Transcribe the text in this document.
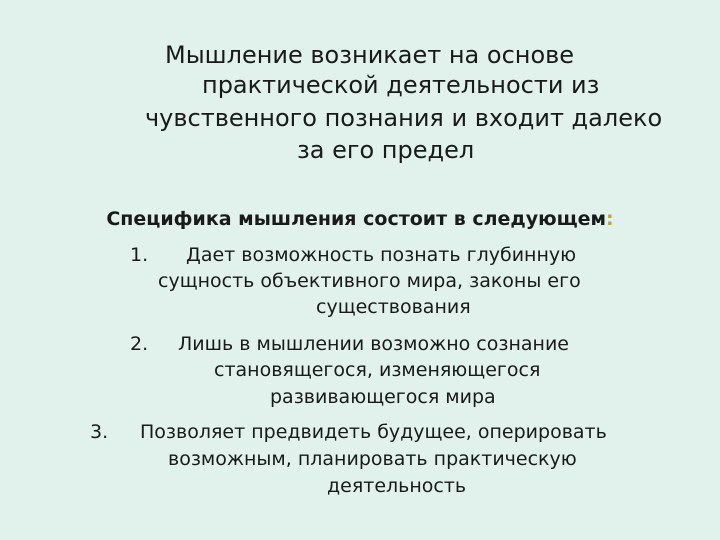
Мышление возникает на основе
практической деятельности из
чувственного познания и входит далеко
за его предел
Специфика мышления состоит в следующем:
1. Дает возможность познать глубинную
сущность объективного мира, законы его
существования
2. Лишь в мышлении возможно сознание
становящегося, изменяющегося
развивающегося мира
3. Позволяет предвидеть будущее, оперировать
возможным, планировать практическую
деятельность
